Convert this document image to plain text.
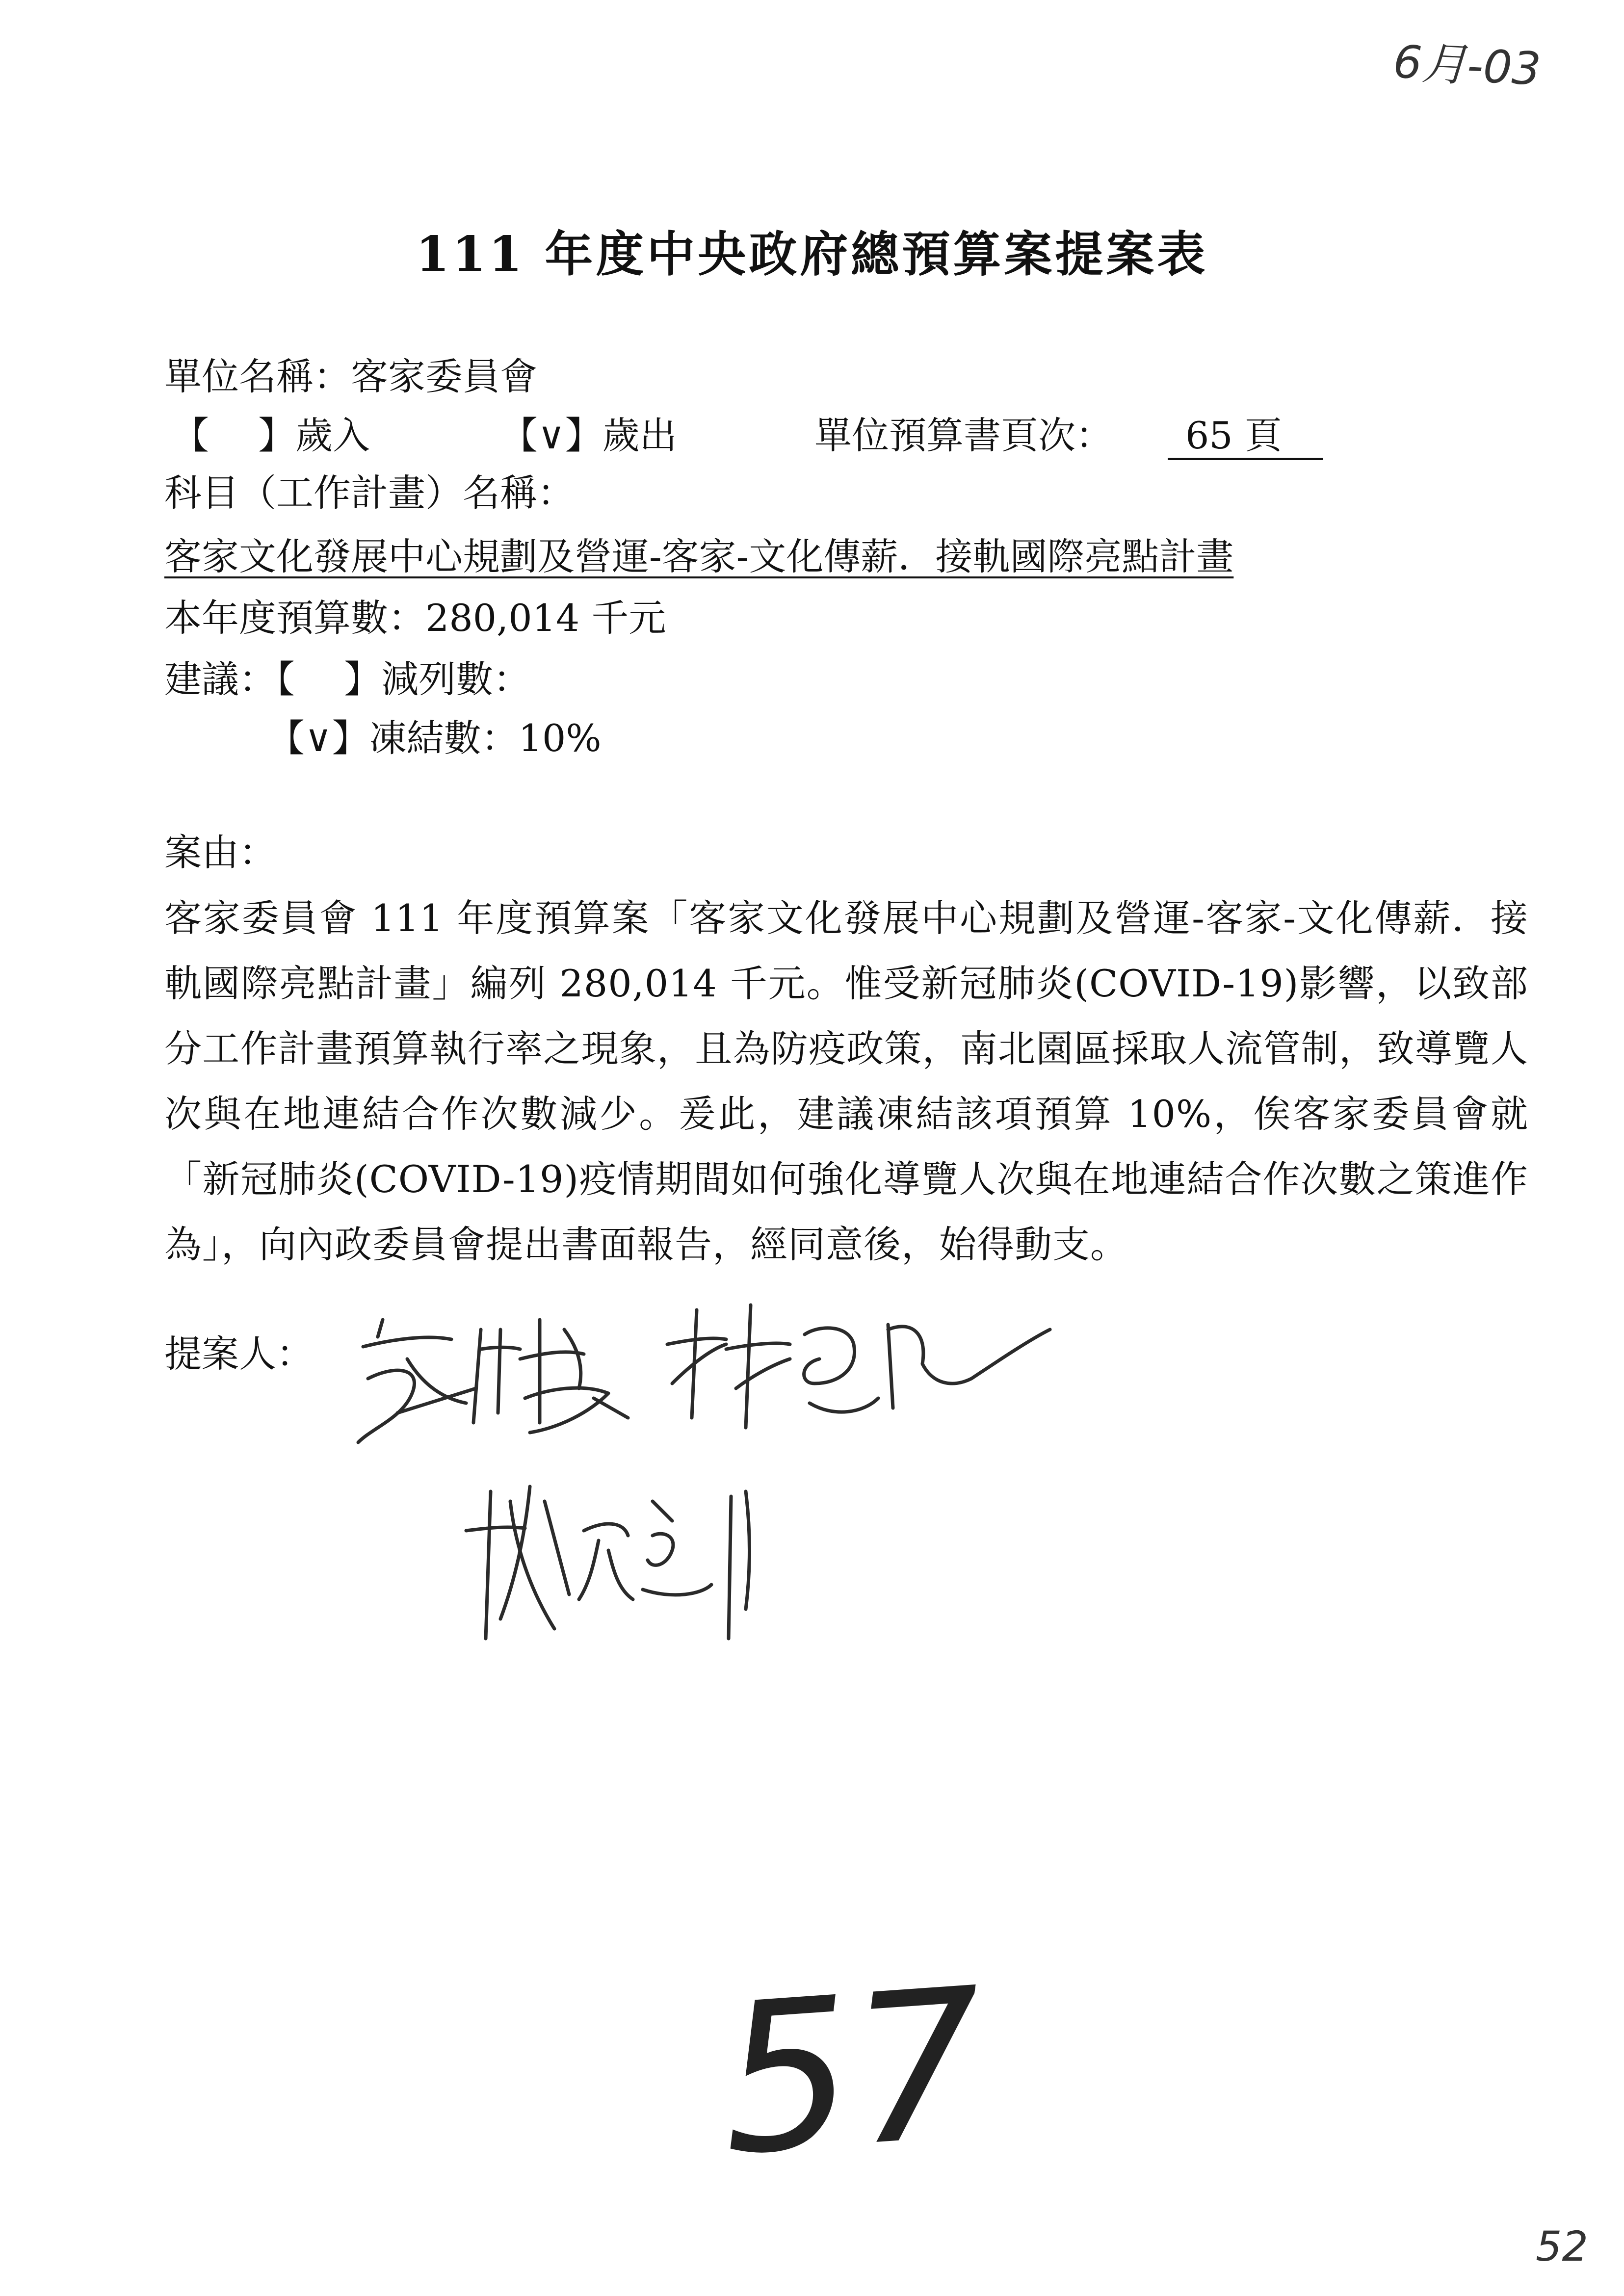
6月-03
111 年度中央政府總預算案提案表
單位名稱：客家委員會
【　 】歲入	【∨】歲出	單位預算書頁次：	65 頁
科目（工作計畫）名稱：
客家文化發展中心規劃及營運-客家-文化傳薪．接軌國際亮點計畫
本年度預算數：280,014 千元
建議：【　 】減列數：
【∨】凍結數：10%
案由：
客家委員會 111 年度預算案「客家文化發展中心規劃及營運-客家-文化傳薪．接軌國際亮點計畫」編列 280,014 千元。惟受新冠肺炎(COVID-19)影響，以致部分工作計畫預算執行率之現象，且為防疫政策，南北園區採取人流管制，致導覽人次與在地連結合作次數減少。爰此，建議凍結該項預算 10%，俟客家委員會就「新冠肺炎(COVID-19)疫情期間如何強化導覽人次與在地連結合作次數之策進作為」，向內政委員會提出書面報告，經同意後，始得動支。
提案人：
57
52
